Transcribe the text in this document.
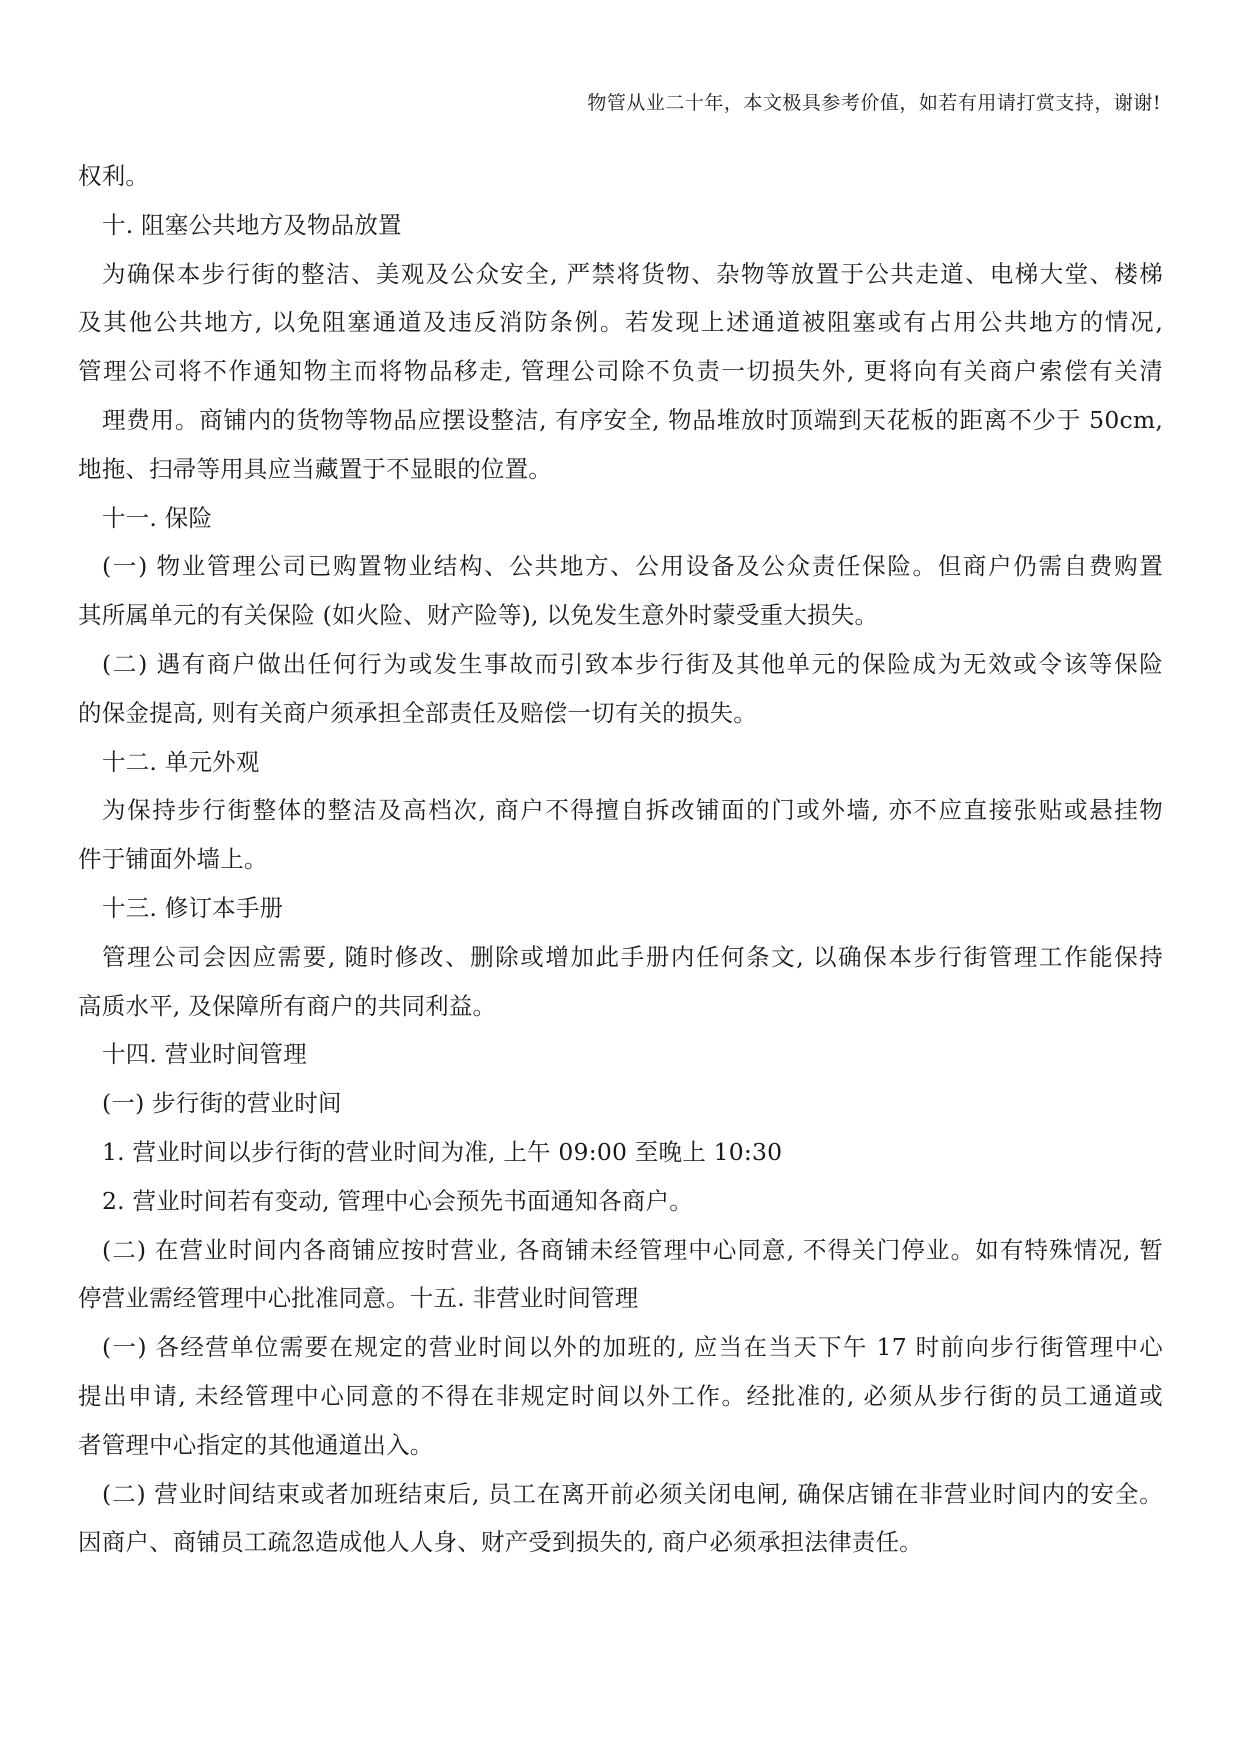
物管从业二十年，本文极具参考价值，如若有用请打赏支持，谢谢!
权利。
十. 阻塞公共地方及物品放置
为确保本步行街的整洁、美观及公众安全, 严禁将货物、杂物等放置于公共走道、电梯大堂、楼梯
及其他公共地方, 以免阻塞通道及违反消防条例。若发现上述通道被阻塞或有占用公共地方的情况,
管理公司将不作通知物主而将物品移走, 管理公司除不负责一切损失外, 更将向有关商户索偿有关清
理费用。商铺内的货物等物品应摆设整洁, 有序安全, 物品堆放时顶端到天花板的距离不少于 50cm,
地拖、扫帚等用具应当藏置于不显眼的位置。
十一. 保险
(一) 物业管理公司已购置物业结构、公共地方、公用设备及公众责任保险。但商户仍需自费购置
其所属单元的有关保险 (如火险、财产险等), 以免发生意外时蒙受重大损失。
(二) 遇有商户做出任何行为或发生事故而引致本步行街及其他单元的保险成为无效或令该等保险
的保金提高, 则有关商户须承担全部责任及赔偿一切有关的损失。
十二. 单元外观
为保持步行街整体的整洁及高档次, 商户不得擅自拆改铺面的门或外墙, 亦不应直接张贴或悬挂物
件于铺面外墙上。
十三. 修订本手册
管理公司会因应需要, 随时修改、删除或增加此手册内任何条文, 以确保本步行街管理工作能保持
高质水平, 及保障所有商户的共同利益。
十四. 营业时间管理
(一) 步行街的营业时间
1. 营业时间以步行街的营业时间为准, 上午 09:00 至晚上 10:30
2. 营业时间若有变动, 管理中心会预先书面通知各商户。
(二) 在营业时间内各商铺应按时营业, 各商铺未经管理中心同意, 不得关门停业。如有特殊情况, 暂
停营业需经管理中心批准同意。十五. 非营业时间管理
(一) 各经营单位需要在规定的营业时间以外的加班的, 应当在当天下午 17 时前向步行街管理中心
提出申请, 未经管理中心同意的不得在非规定时间以外工作。经批准的, 必须从步行街的员工通道或
者管理中心指定的其他通道出入。
(二) 营业时间结束或者加班结束后, 员工在离开前必须关闭电闸, 确保店铺在非营业时间内的安全。
因商户、商铺员工疏忽造成他人人身、财产受到损失的, 商户必须承担法律责任。
